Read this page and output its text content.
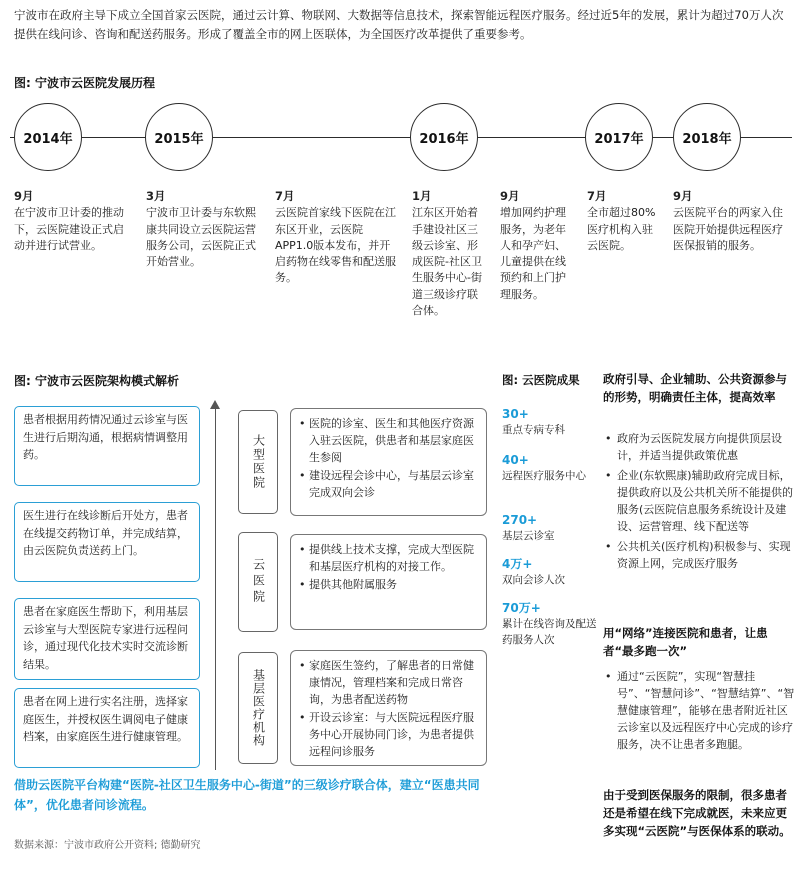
宁波市在政府主导下成立全国首家云医院，通过云计算、物联网、大数据等信息技术，探索智能远程医疗服务。经过近5年的发展，累计为超过70万人次提供在线问诊、咨询和配送药服务。形成了覆盖全市的网上医联体，为全国医疗改革提供了重要参考。
图: 宁波市云医院发展历程
2014年	2015年	2016年	2017年	2018年
9月
在宁波市卫计委的推动下，云医院建设正式启动并进行试营业。
3月
宁波市卫计委与东软熙康共同设立云医院运营服务公司，云医院正式开始营业。
7月
云医院首家线下医院在江东区开业，云医院APP1.0版本发布，并开启药物在线零售和配送服务。
1月
江东区开始着手建设社区三级云诊室、形成医院-社区卫生服务中心-街道三级诊疗联合体。
9月
增加网约护理服务，为老年人和孕产妇、儿童提供在线预约和上门护理服务。
7月
全市超过80%医疗机构入驻云医院。
9月
云医院平台的两家入住医院开始提供远程医疗医保报销的服务。
图: 宁波市云医院架构模式解析
患者根据用药情况通过云诊室与医生进行后期沟通，根据病情调整用药。
医生进行在线诊断后开处方，患者在线提交药物订单，并完成结算，由云医院负责送药上门。
患者在家庭医生帮助下，利用基层云诊室与大型医院专家进行远程问诊，通过现代化技术实时交流诊断结果。
患者在网上进行实名注册，选择家庭医生，并授权医生调阅电子健康档案，由家庭医生进行健康管理。
大型医院
云医院
基层医疗机构
• 医院的诊室、医生和其他医疗资源入驻云医院，供患者和基层家庭医生参阅
• 建设远程会诊中心，与基层云诊室完成双向会诊
• 提供线上技术支撑，完成大型医院和基层医疗机构的对接工作。
• 提供其他附属服务
• 家庭医生签约，了解患者的日常健康情况，管理档案和完成日常咨询，为患者配送药物
• 开设云诊室：与大医院远程医疗服务中心开展协同门诊，为患者提供远程问诊服务
借助云医院平台构建“医院-社区卫生服务中心-街道”的三级诊疗联合体，建立“医患共同体”，优化患者问诊流程。
数据来源：宁波市政府公开资料; 德勤研究
图: 云医院成果
30+
重点专病专科
40+
远程医疗服务中心
270+
基层云诊室
4万+
双向会诊人次
70万+
累计在线咨询及配送药服务人次
政府引导、企业辅助、公共资源参与的形势，明确责任主体，提高效率
• 政府为云医院发展方向提供顶层设计，并适当提供政策优惠
• 企业(东软熙康)辅助政府完成目标，提供政府以及公共机关所不能提供的服务(云医院信息服务系统设计及建设、运营管理、线下配送等
• 公共机关(医疗机构)积极参与、实现资源上网，完成医疗服务
用“网络”连接医院和患者，让患者“最多跑一次”
• 通过“云医院”，实现“智慧挂号”、“智慧问诊”、“智慧结算”、“智慧健康管理”，能够在患者附近社区云诊室以及远程医疗中心完成的诊疗服务，决不让患者多跑腿。
由于受到医保服务的限制，很多患者还是希望在线下完成就医，未来应更多实现“云医院”与医保体系的联动。
